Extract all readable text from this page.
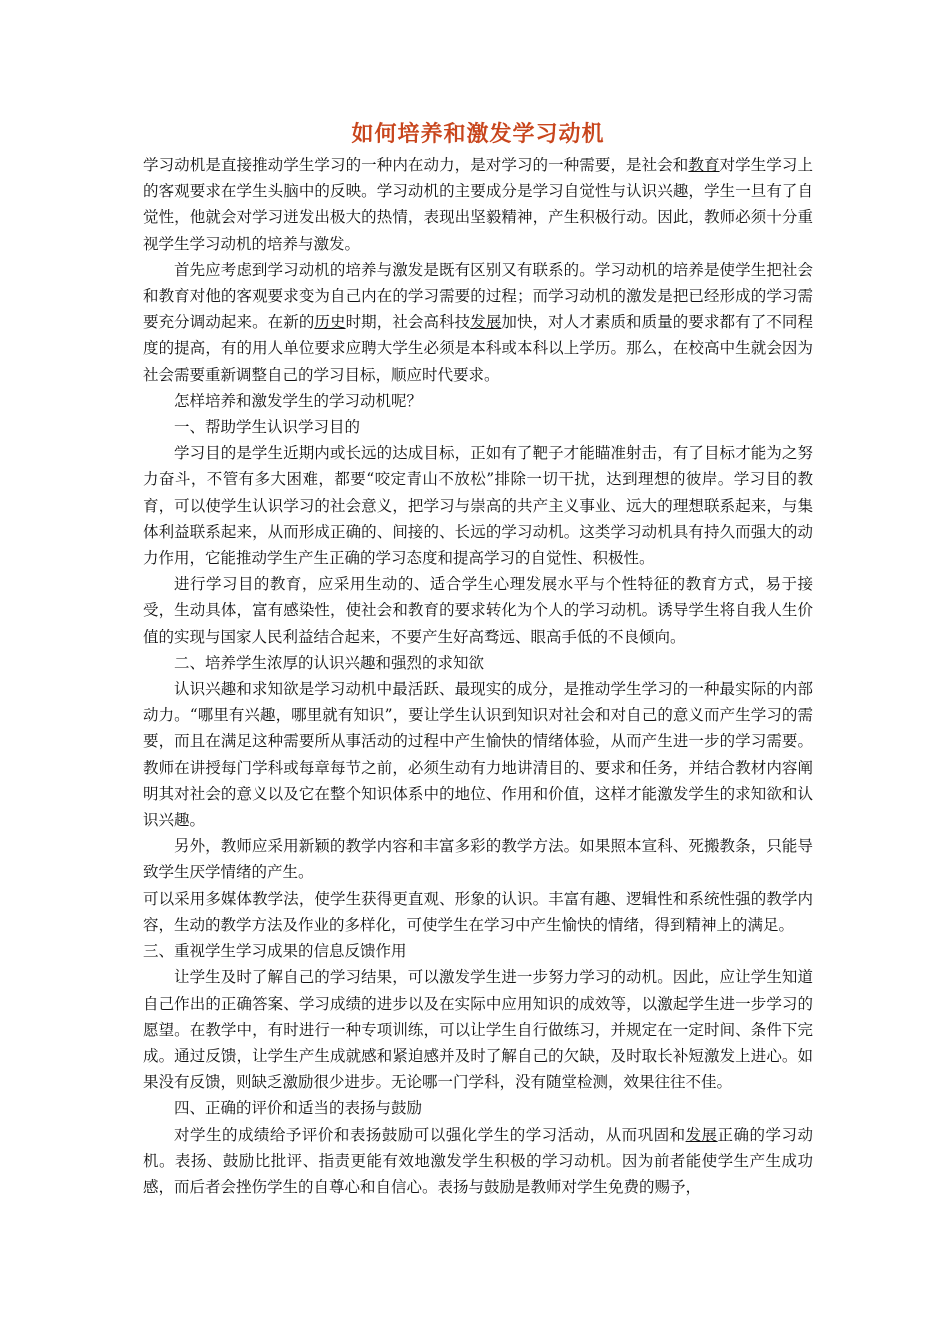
如何培养和激发学习动机

学习动机是直接推动学生学习的一种内在动力，是对学习的一种需要，是社会和教育对学生学习上的客观要求在学生头脑中的反映。学习动机的主要成分是学习自觉性与认识兴趣，学生一旦有了自觉性，他就会对学习迸发出极大的热情，表现出坚毅精神，产生积极行动。因此，教师必须十分重视学生学习动机的培养与激发。

首先应考虑到学习动机的培养与激发是既有区别又有联系的。学习动机的培养是使学生把社会和教育对他的客观要求变为自己内在的学习需要的过程；而学习动机的激发是把已经形成的学习需要充分调动起来。在新的历史时期，社会高科技发展加快，对人才素质和质量的要求都有了不同程度的提高，有的用人单位要求应聘大学生必须是本科或本科以上学历。那么，在校高中生就会因为社会需要重新调整自己的学习目标，顺应时代要求。

怎样培养和激发学生的学习动机呢？

一、帮助学生认识学习目的

学习目的是学生近期内或长远的达成目标，正如有了靶子才能瞄准射击，有了目标才能为之努力奋斗，不管有多大困难，都要“咬定青山不放松”排除一切干扰，达到理想的彼岸。学习目的教育，可以使学生认识学习的社会意义，把学习与崇高的共产主义事业、远大的理想联系起来，与集体利益联系起来，从而形成正确的、间接的、长远的学习动机。这类学习动机具有持久而强大的动力作用，它能推动学生产生正确的学习态度和提高学习的自觉性、积极性。

进行学习目的教育，应采用生动的、适合学生心理发展水平与个性特征的教育方式，易于接受，生动具体，富有感染性，使社会和教育的要求转化为个人的学习动机。诱导学生将自我人生价值的实现与国家人民利益结合起来，不要产生好高骛远、眼高手低的不良倾向。

二、培养学生浓厚的认识兴趣和强烈的求知欲

认识兴趣和求知欲是学习动机中最活跃、最现实的成分，是推动学生学习的一种最实际的内部动力。“哪里有兴趣，哪里就有知识”，要让学生认识到知识对社会和对自己的意义而产生学习的需要，而且在满足这种需要所从事活动的过程中产生愉快的情绪体验，从而产生进一步的学习需要。教师在讲授每门学科或每章每节之前，必须生动有力地讲清目的、要求和任务，并结合教材内容阐明其对社会的意义以及它在整个知识体系中的地位、作用和价值，这样才能激发学生的求知欲和认识兴趣。

另外，教师应采用新颖的教学内容和丰富多彩的教学方法。如果照本宣科、死搬教条，只能导致学生厌学情绪的产生。

可以采用多媒体教学法，使学生获得更直观、形象的认识。丰富有趣、逻辑性和系统性强的教学内容，生动的教学方法及作业的多样化，可使学生在学习中产生愉快的情绪，得到精神上的满足。

三、重视学生学习成果的信息反馈作用

让学生及时了解自己的学习结果，可以激发学生进一步努力学习的动机。因此，应让学生知道自己作出的正确答案、学习成绩的进步以及在实际中应用知识的成效等，以激起学生进一步学习的愿望。在教学中，有时进行一种专项训练，可以让学生自行做练习，并规定在一定时间、条件下完成。通过反馈，让学生产生成就感和紧迫感并及时了解自己的欠缺，及时取长补短激发上进心。如果没有反馈，则缺乏激励很少进步。无论哪一门学科，没有随堂检测，效果往往不佳。

四、正确的评价和适当的表扬与鼓励

对学生的成绩给予评价和表扬鼓励可以强化学生的学习活动，从而巩固和发展正确的学习动机。表扬、鼓励比批评、指责更能有效地激发学生积极的学习动机。因为前者能使学生产生成功感，而后者会挫伤学生的自尊心和自信心。表扬与鼓励是教师对学生免费的赐予，
